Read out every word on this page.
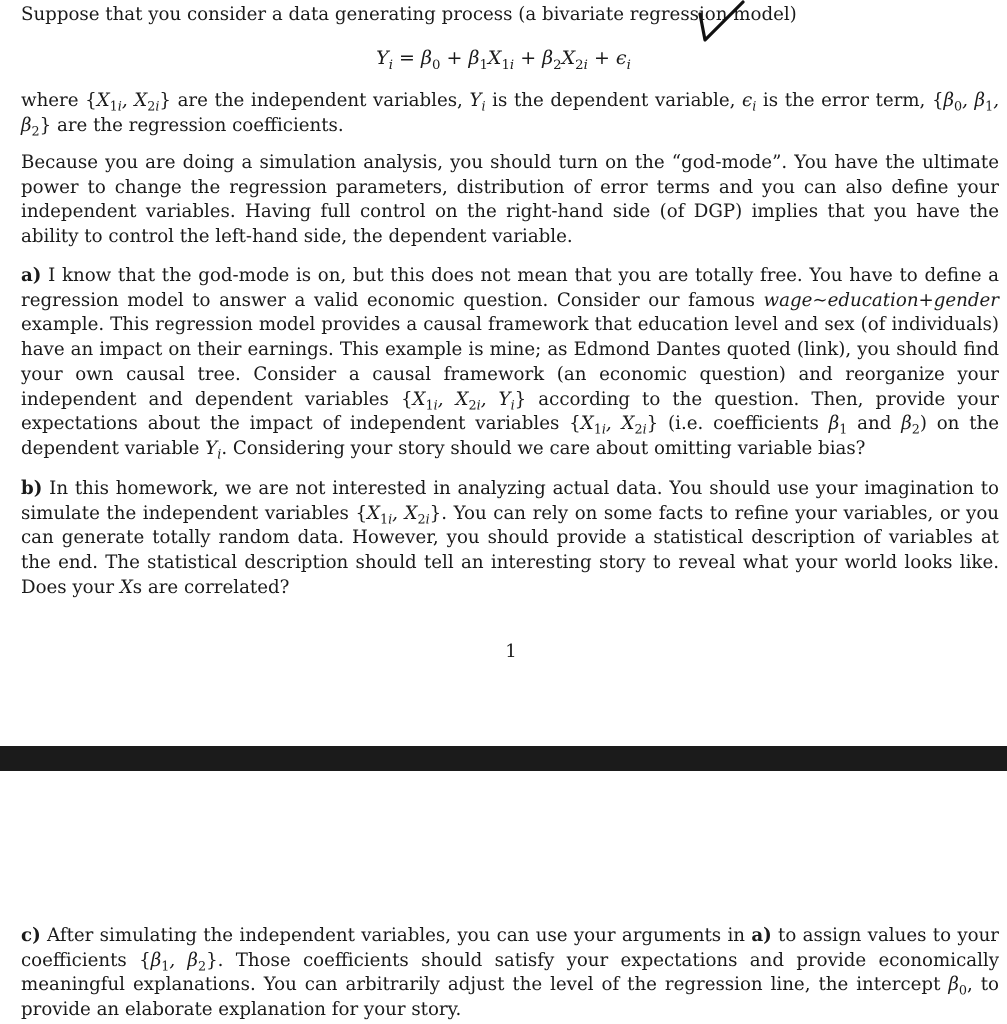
Suppose that you consider a data generating process (a bivariate regression model)

$Y_i = \beta_0 + \beta_1X_{1i} + \beta_2X_{2i} + \epsilon_i$

where {$X_{1i}$, $X_{2i}$} are the independent variables, $Y_i$ is the dependent variable, $\epsilon_i$ is the error term, {$\beta_0$, $\beta_1$, $\beta_2$} are the regression coefficients.

Because you are doing a simulation analysis, you should turn on the “god-mode”. You have the ultimate power to change the regression parameters, distribution of error terms and you can also define your independent variables. Having full control on the right-hand side (of DGP) implies that you have the ability to control the left-hand side, the dependent variable.

a) I know that the god-mode is on, but this does not mean that you are totally free. You have to define a regression model to answer a valid economic question. Consider our famous wage∼education+gender example. This regression model provides a causal framework that education level and sex (of individuals) have an impact on their earnings. This example is mine; as Edmond Dantes quoted (link), you should find your own causal tree. Consider a causal framework (an economic question) and reorganize your independent and dependent variables {$X_{1i}$, $X_{2i}$, $Y_i$} according to the question. Then, provide your expectations about the impact of independent variables {$X_{1i}$, $X_{2i}$} (i.e. coefficients $\beta_1$ and $\beta_2$) on the dependent variable $Y_i$. Considering your story should we care about omitting variable bias?

b) In this homework, we are not interested in analyzing actual data. You should use your imagination to simulate the independent variables {$X_{1i}$, $X_{2i}$}. You can rely on some facts to refine your variables, or you can generate totally random data. However, you should provide a statistical description of variables at the end. The statistical description should tell an interesting story to reveal what your world looks like. Does your Xs are correlated?

1

c) After simulating the independent variables, you can use your arguments in a) to assign values to your coefficients {$\beta_1$, $\beta_2$}. Those coefficients should satisfy your expectations and provide economically meaningful explanations. You can arbitrarily adjust the level of the regression line, the intercept $\beta_0$, to provide an elaborate explanation for your story.
